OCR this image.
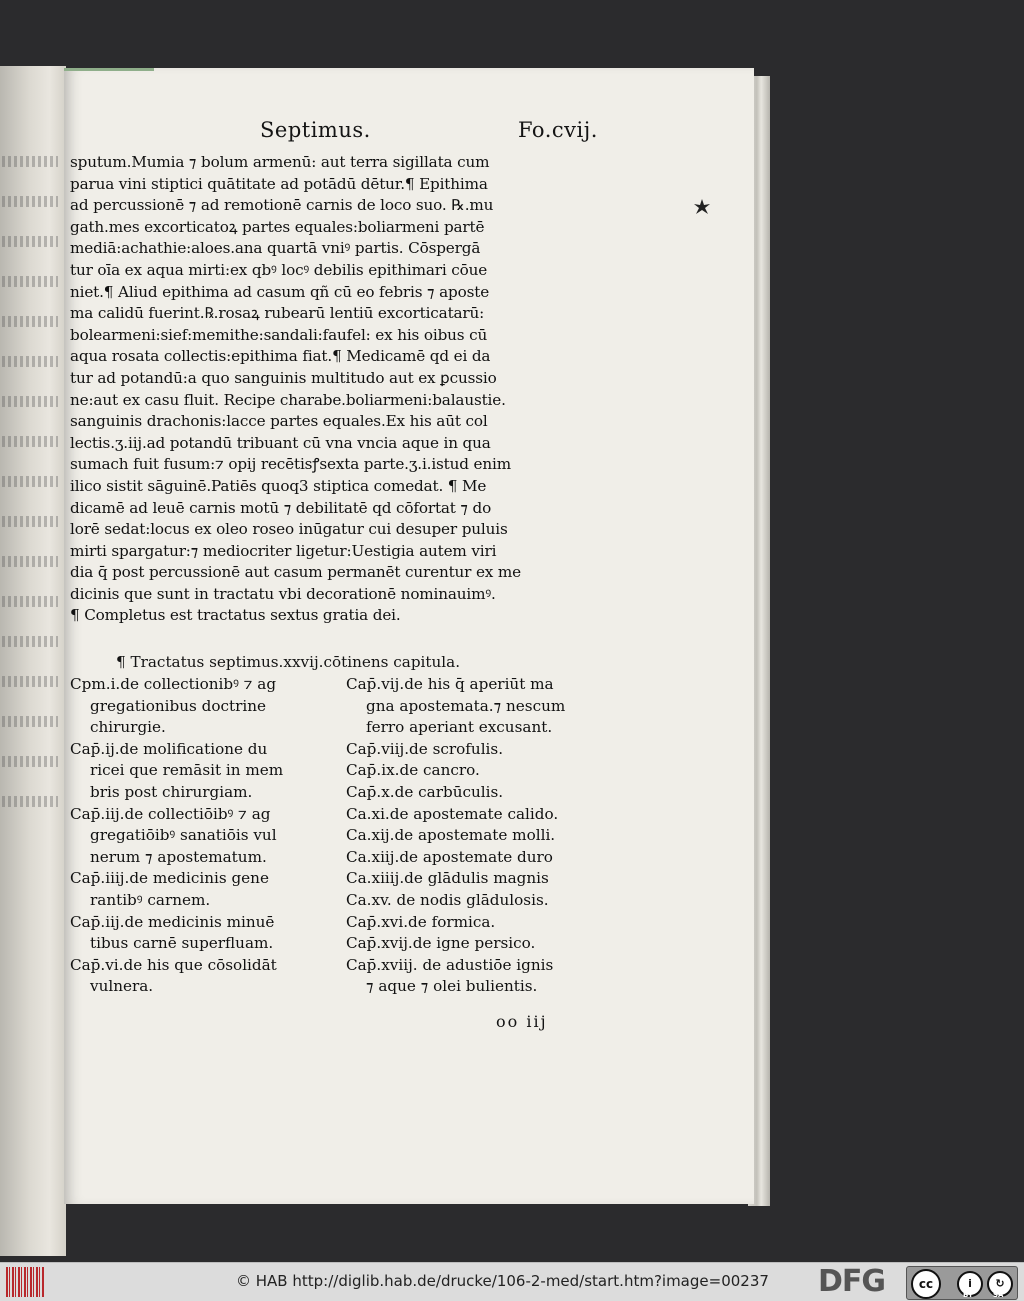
Septimus.	Fo.cvij.
sputum.Mumia ⁊ bolum armenū: aut terra sigillata cum
parua vini stiptici quātitate ad potādū dētur.¶ Epithima
ad percussionē ⁊ ad remotionē carnis de loco suo. ℞.mu
gath.mes excorticatoꝝ partes equales:boliarmeni partē
mediā:achathie:aloes.ana quartā vniꝰ partis. Cōspergā
tur oīa ex aqua mirti:ex qbꝰ locꝰ debilis epithimari cōue
niet.¶ Aliud epithima ad casum qñ cū eo febris ⁊ aposte
ma calidū fuerint.℞.rosaꝝ rubearū lentiū excorticatarū:
bolearmeni:sief:memithe:sandali:faufel: ex his oibus cū
aqua rosata collectis:epithima fiat.¶ Medicamē qd ei da
tur ad potandū:a quo sanguinis multitudo aut ex ꝑcussio
ne:aut ex casu fluit. Recipe charabe.boliarmeni:balaustie.
sanguinis drachonis:lacce partes equales.Ex his aūt col
lectis.ʒ.iij.ad potandū tribuant cū vna vncia aque in qua
sumach fuit fusum:⁊ opij recētisꝭsexta parte.ʒ.i.istud enim
ilico sistit sāguinē.Patiēs quoq3 stiptica comedat. ¶ Me
dicamē ad leuē carnis motū ⁊ debilitatē qd cōfortat ⁊ do
lorē sedat:locus ex oleo roseo inūgatur cui desuper puluis
mirti spargatur:⁊ mediocriter ligetur:Uestigia autem viri
dia q̄ post percussionē aut casum permanēt curentur ex me
dicinis que sunt in tractatu vbi decorationē nominauimꝰ.
¶ Completus est tractatus sextus gratia dei.
¶ Tractatus septimus.xxvij.cōtinens capitula.
Cpm.i.de collectionibꝰ ⁊ ag
gregationibus doctrine
chirurgie.
Cap̄.ij.de molificatione du
ricei que remāsit in mem
bris post chirurgiam.
Cap̄.iij.de collectiōibꝰ ⁊ ag
gregatiōibꝰ sanatiōis vul
nerum ⁊ apostematum.
Cap̄.iiij.de medicinis gene
rantibꝰ carnem.
Cap̄.iij.de medicinis minuē
tibus carnē superfluam.
Cap̄.vi.de his que cōsolidāt
vulnera.
Cap̄.vij.de his q̄ aperiūt ma
gna apostemata.⁊ nescum
ferro aperiant excusant.
Cap̄.viij.de scrofulis.
Cap̄.ix.de cancro.
Cap̄.x.de carbūculis.
Ca.xi.de apostemate calido.
Ca.xij.de apostemate molli.
Ca.xiij.de apostemate duro
Ca.xiiij.de glādulis magnis
Ca.xv. de nodis glādulosis.
Cap̄.xvi.de formica.
Cap̄.xvij.de igne persico.
Cap̄.xviij. de adustiōe ignis
⁊ aque ⁊ olei bulientis.
oo iij
© HAB http://diglib.hab.de/drucke/106-2-med/start.htm?image=00237 DFG	cc	i	↻
BY	SA
